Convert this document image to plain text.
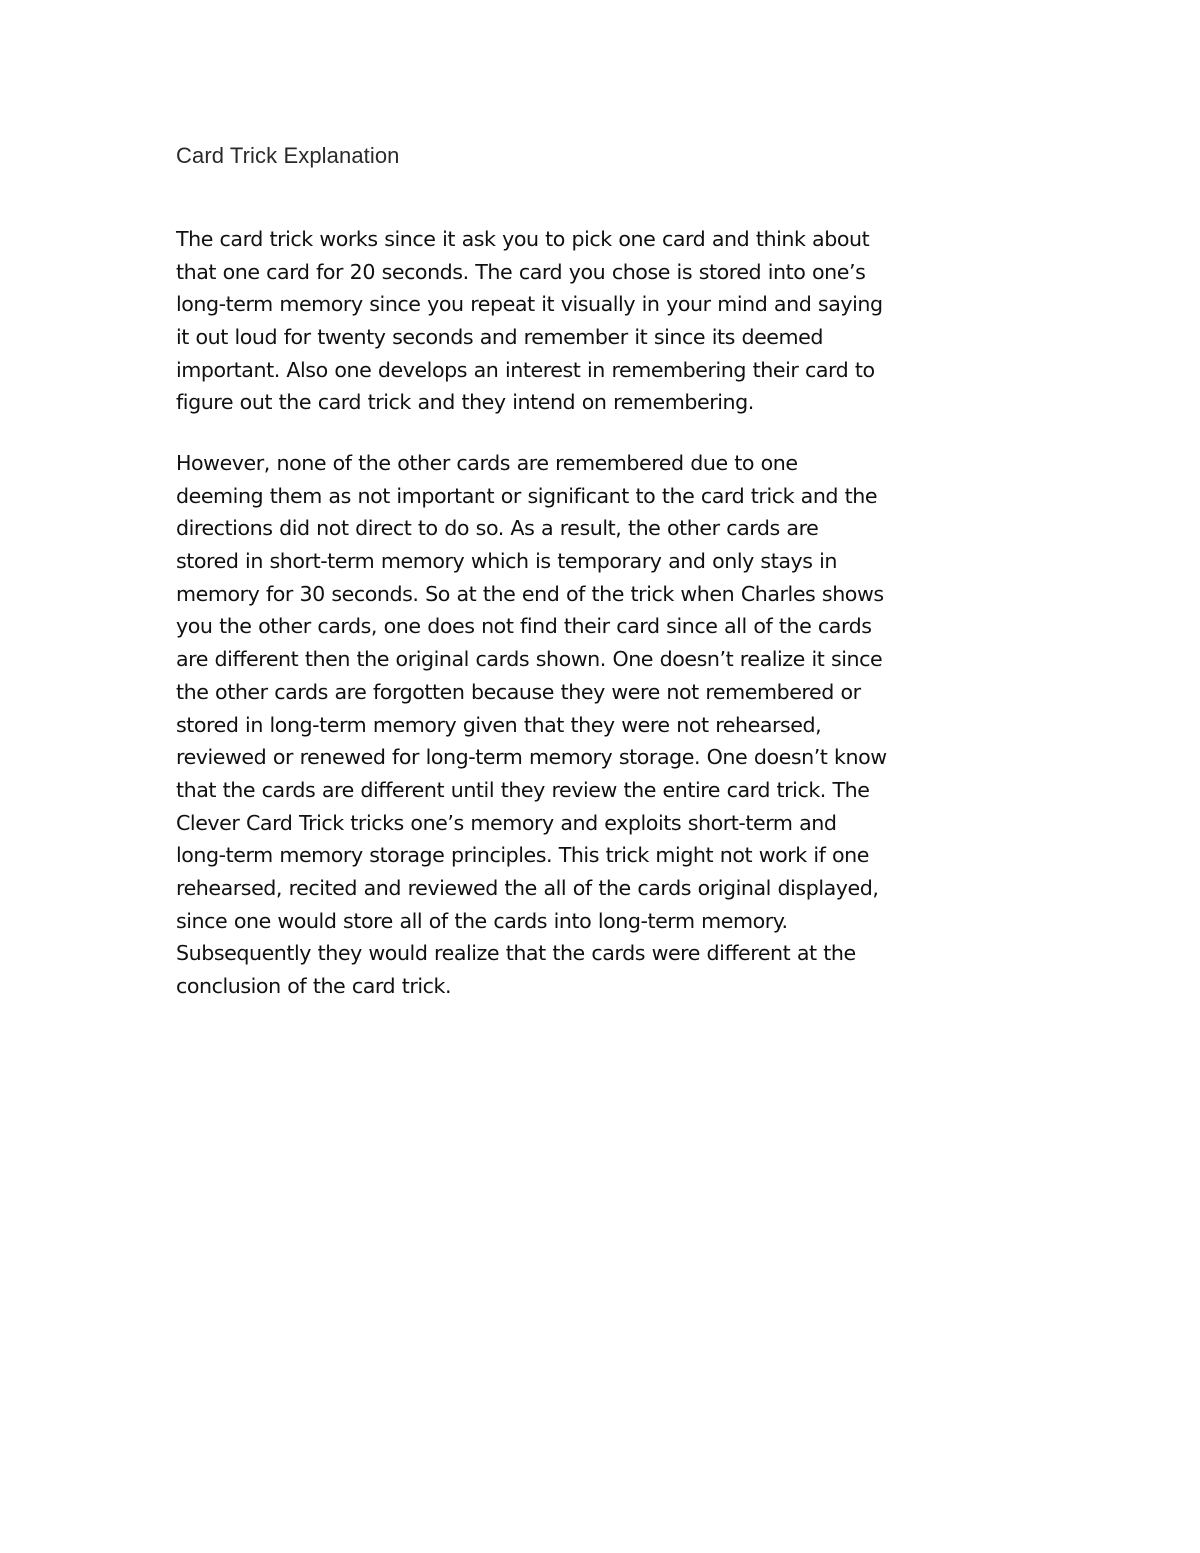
Card Trick Explanation
The card trick works since it ask you to pick one card and think about
that one card for 20 seconds. The card you chose is stored into one’s
long-term memory since you repeat it visually in your mind and saying
it out loud for twenty seconds and remember it since its deemed
important. Also one develops an interest in remembering their card to
figure out the card trick and they intend on remembering.
However, none of the other cards are remembered due to one
deeming them as not important or significant to the card trick and the
directions did not direct to do so. As a result, the other cards are
stored in short-term memory which is temporary and only stays in
memory for 30 seconds. So at the end of the trick when Charles shows
you the other cards, one does not find their card since all of the cards
are different then the original cards shown. One doesn’t realize it since
the other cards are forgotten because they were not remembered or
stored in long-term memory given that they were not rehearsed,
reviewed or renewed for long-term memory storage. One doesn’t know
that the cards are different until they review the entire card trick. The
Clever Card Trick tricks one’s memory and exploits short-term and
long-term memory storage principles. This trick might not work if one
rehearsed, recited and reviewed the all of the cards original displayed,
since one would store all of the cards into long-term memory.
Subsequently they would realize that the cards were different at the
conclusion of the card trick.
